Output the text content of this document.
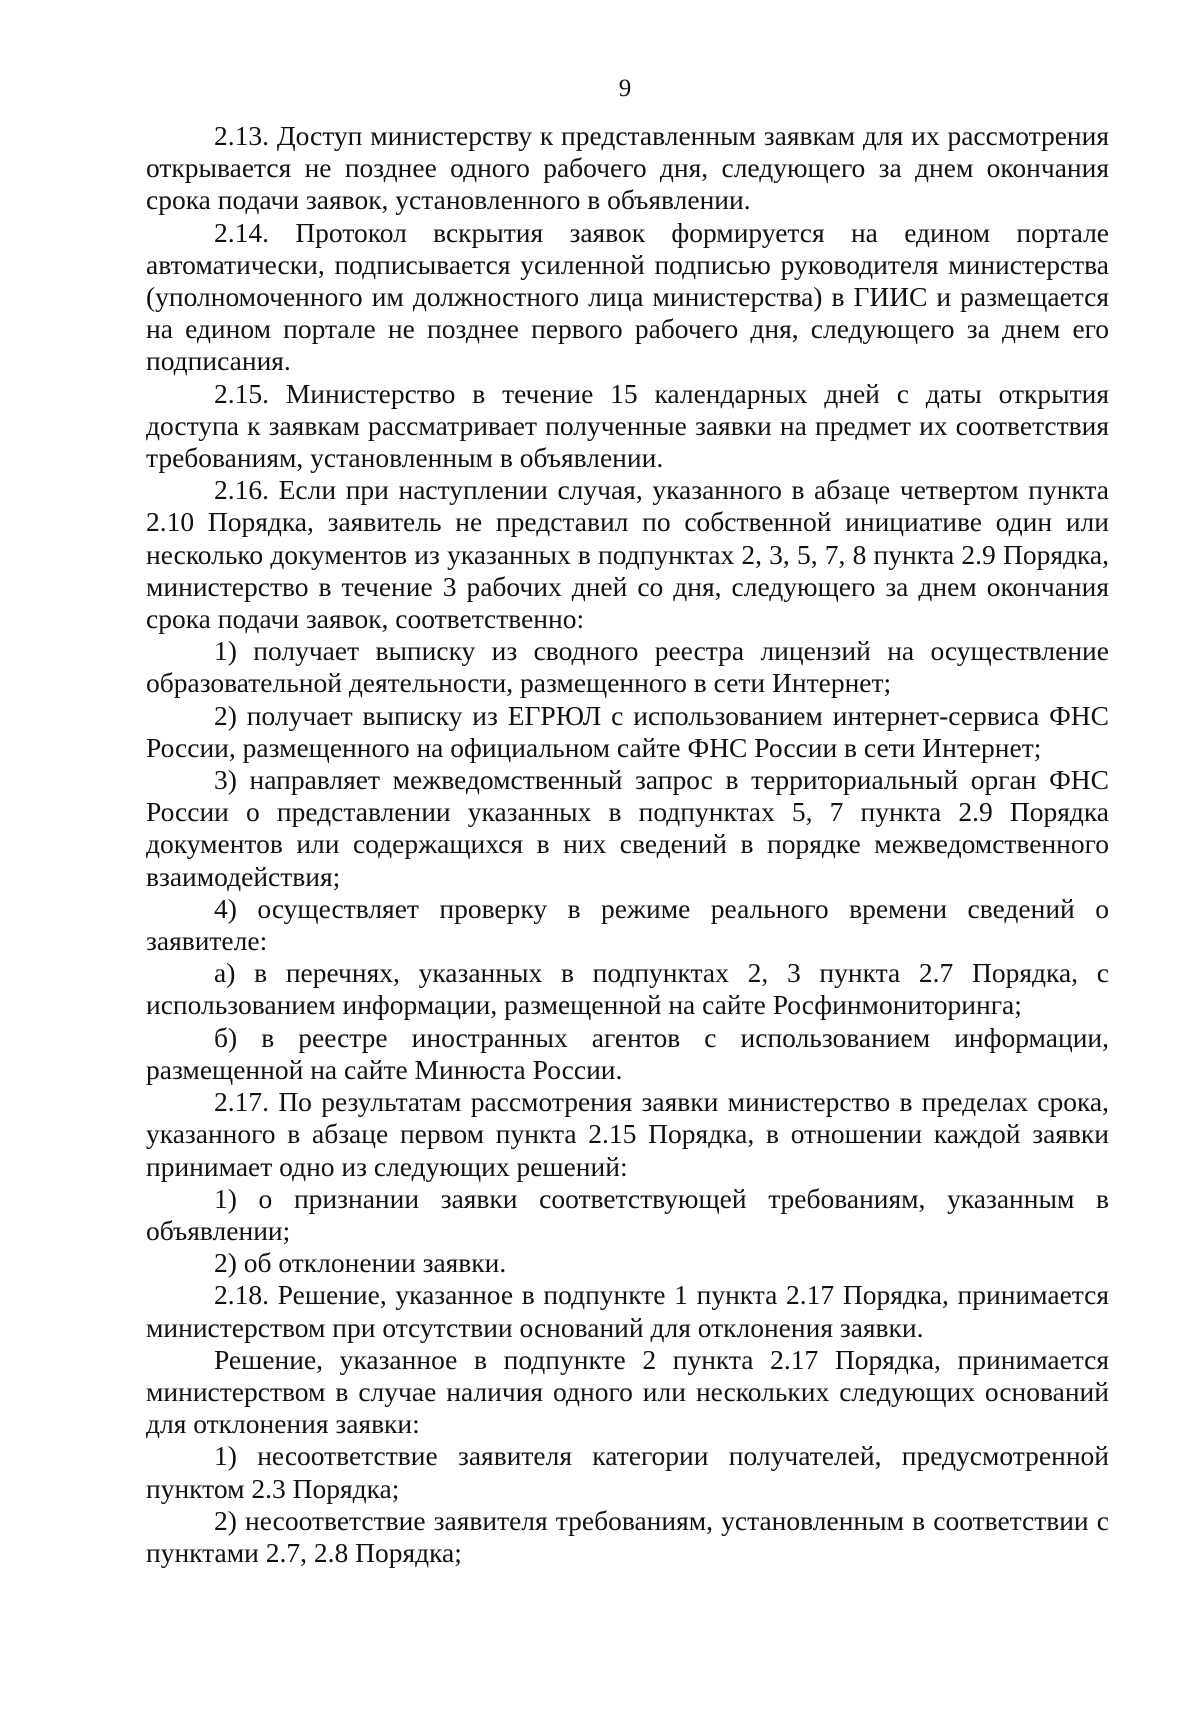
9

2.13. Доступ министерству к представленным заявкам для их рассмотрения открывается не позднее одного рабочего дня, следующего за днем окончания срока подачи заявок, установленного в объявлении.

2.14. Протокол вскрытия заявок формируется на едином портале автоматически, подписывается усиленной подписью руководителя министерства (уполномоченного им должностного лица министерства) в ГИИС и размещается на едином портале не позднее первого рабочего дня, следующего за днем его подписания.

2.15. Министерство в течение 15 календарных дней с даты открытия доступа к заявкам рассматривает полученные заявки на предмет их соответствия требованиям, установленным в объявлении.

2.16. Если при наступлении случая, указанного в абзаце четвертом пункта 2.10 Порядка, заявитель не представил по собственной инициативе один или несколько документов из указанных в подпунктах 2, 3, 5, 7, 8 пункта 2.9 Порядка, министерство в течение 3 рабочих дней со дня, следующего за днем окончания срока подачи заявок, соответственно:

1) получает выписку из сводного реестра лицензий на осуществление образовательной деятельности, размещенного в сети Интернет;

2) получает выписку из ЕГРЮЛ с использованием интернет-сервиса ФНС России, размещенного на официальном сайте ФНС России в сети Интернет;

3) направляет межведомственный запрос в территориальный орган ФНС России о представлении указанных в подпунктах 5, 7 пункта 2.9 Порядка документов или содержащихся в них сведений в порядке межведомственного взаимодействия;

4) осуществляет проверку в режиме реального времени сведений о заявителе:

а) в перечнях, указанных в подпунктах 2, 3 пункта 2.7 Порядка, с использованием информации, размещенной на сайте Росфинмониторинга;

б) в реестре иностранных агентов с использованием информации, размещенной на сайте Минюста России.

2.17. По результатам рассмотрения заявки министерство в пределах срока, указанного в абзаце первом пункта 2.15 Порядка, в отношении каждой заявки принимает одно из следующих решений:

1) о признании заявки соответствующей требованиям, указанным в объявлении;

2) об отклонении заявки.

2.18. Решение, указанное в подпункте 1 пункта 2.17 Порядка, принимается министерством при отсутствии оснований для отклонения заявки.

Решение, указанное в подпункте 2 пункта 2.17 Порядка, принимается министерством в случае наличия одного или нескольких следующих оснований для отклонения заявки:

1) несоответствие заявителя категории получателей, предусмотренной пунктом 2.3 Порядка;

2) несоответствие заявителя требованиям, установленным в соответствии с пунктами 2.7, 2.8 Порядка;
